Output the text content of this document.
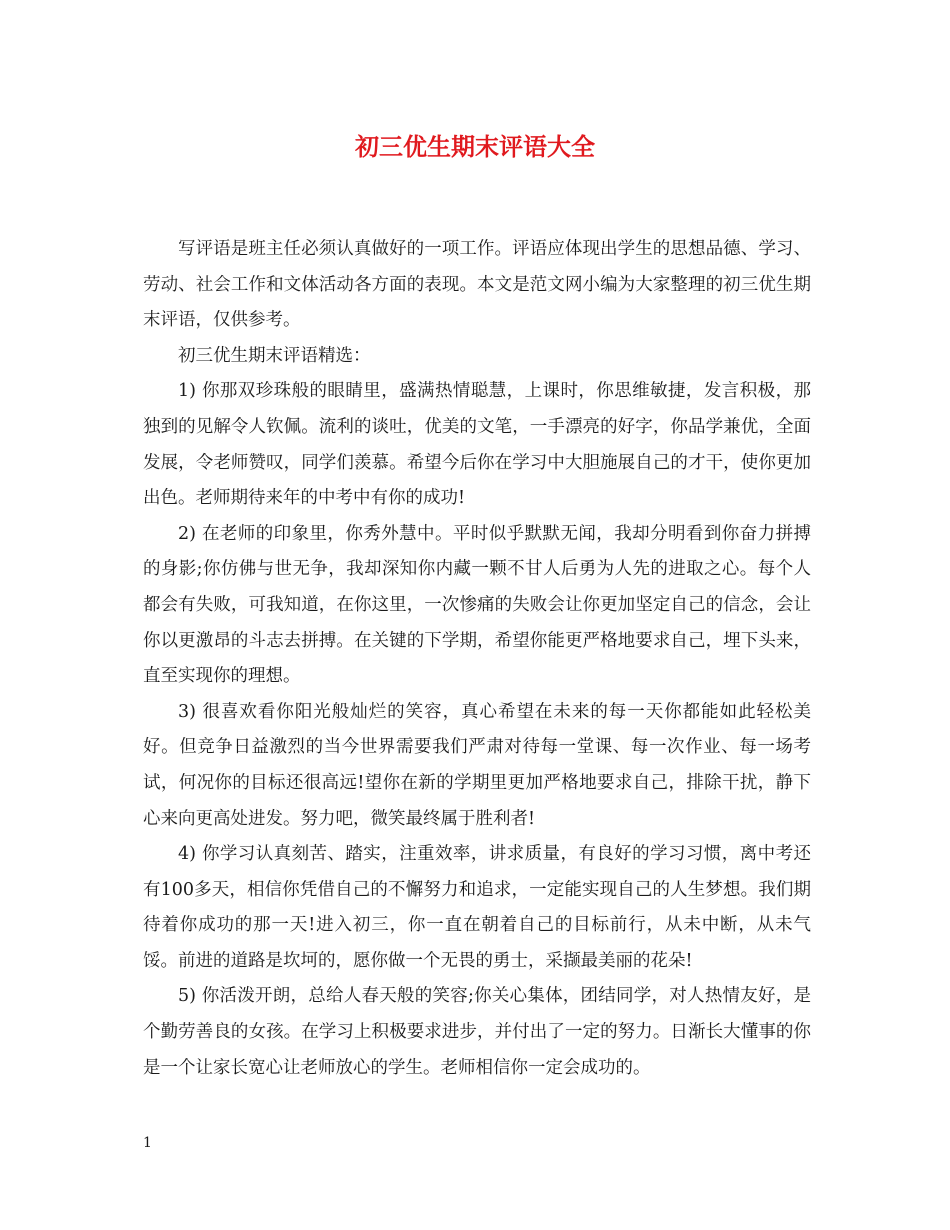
初三优生期末评语大全

写评语是班主任必须认真做好的一项工作。评语应体现出学生的思想品德、学习、劳动、社会工作和文体活动各方面的表现。本文是范文网小编为大家整理的初三优生期末评语，仅供参考。

初三优生期末评语精选：

1) 你那双珍珠般的眼睛里，盛满热情聪慧，上课时，你思维敏捷，发言积极，那独到的见解令人钦佩。流利的谈吐，优美的文笔，一手漂亮的好字，你品学兼优，全面发展，令老师赞叹，同学们羡慕。希望今后你在学习中大胆施展自己的才干，使你更加出色。老师期待来年的中考中有你的成功!

2) 在老师的印象里，你秀外慧中。平时似乎默默无闻，我却分明看到你奋力拼搏的身影;你仿佛与世无争，我却深知你内藏一颗不甘人后勇为人先的进取之心。每个人都会有失败，可我知道，在你这里，一次惨痛的失败会让你更加坚定自己的信念，会让你以更激昂的斗志去拼搏。在关键的下学期，希望你能更严格地要求自己，埋下头来，直至实现你的理想。

3) 很喜欢看你阳光般灿烂的笑容，真心希望在未来的每一天你都能如此轻松美好。但竞争日益激烈的当今世界需要我们严肃对待每一堂课、每一次作业、每一场考试，何况你的目标还很高远!望你在新的学期里更加严格地要求自己，排除干扰，静下心来向更高处进发。努力吧，微笑最终属于胜利者!

4) 你学习认真刻苦、踏实，注重效率，讲求质量，有良好的学习习惯，离中考还有100多天，相信你凭借自己的不懈努力和追求，一定能实现自己的人生梦想。我们期待着你成功的那一天!进入初三，你一直在朝着自己的目标前行，从未中断，从未气馁。前进的道路是坎坷的，愿你做一个无畏的勇士，采撷最美丽的花朵!

5) 你活泼开朗，总给人春天般的笑容;你关心集体，团结同学，对人热情友好，是个勤劳善良的女孩。在学习上积极要求进步，并付出了一定的努力。日渐长大懂事的你是一个让家长宽心让老师放心的学生。老师相信你一定会成功的。

1
